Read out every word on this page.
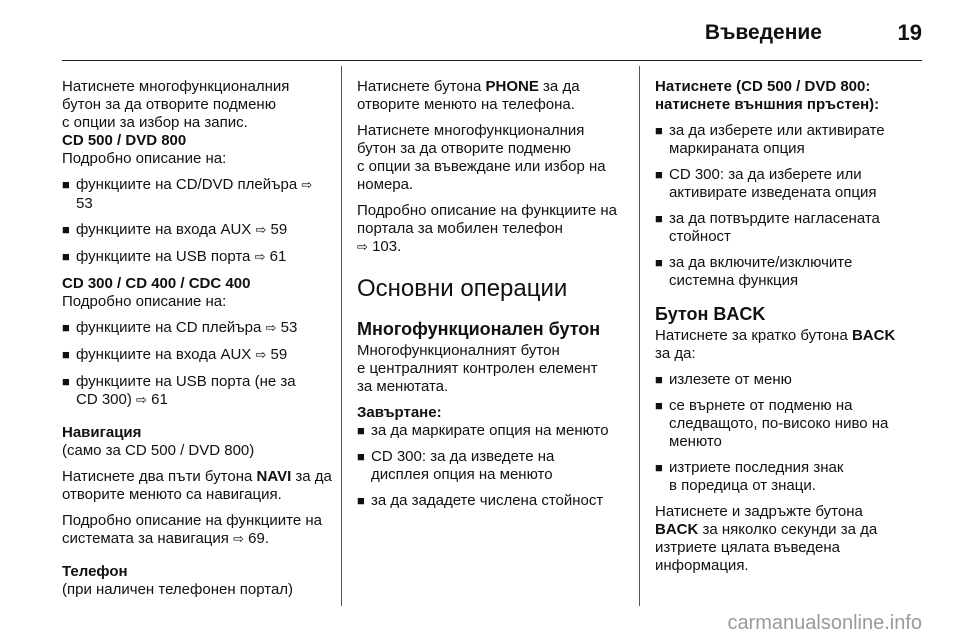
Въведение	19

Натиснете многофункционалния
бутон за да отворите подменю
с опции за избор на запис.

CD 500 / DVD 800

Подробно описание на:

■ функциите на CD/DVD плейъра ⇨ 53
■ функциите на входа AUX ⇨ 59
■ функциите на USB порта ⇨ 61

CD 300 / CD 400 / CDC 400

Подробно описание на:

■ функциите на CD плейъра ⇨ 53
■ функциите на входа AUX ⇨ 59
■ функциите на USB порта (не за
CD 300) ⇨ 61

Навигация

(само за CD 500 / DVD 800)

Натиснете два пъти бутона NAVI за да отворите менюто са навигация.

Подробно описание на функциите на системата за навигация ⇨ 69.

Телефон

(при наличен телефонен портал)

Натиснете бутона PHONE за да отворите менюто на телефона.

Натиснете многофункционалния
бутон за да отворите подменю
с опции за въвеждане или избор на номера.

Подробно описание на функциите на портала за мобилен телефон
⇨ 103.

Основни операции

Многофункционален бутон

Многофункционалният бутон
е централният контролен елемент
за менютата.

Завъртане:

■ за да маркирате опция на менюто
■ CD 300: за да изведете на
дисплея опция на менюто
■ за да зададете числена стойност

Натиснете (CD 500 / DVD 800:
натиснете външния пръстен):

■ за да изберете или активирате
маркираната опция
■ CD 300: за да изберете или
активирате изведената опция
■ за да потвърдите нагласената
стойност
■ за да включите/изключите
системна функция

Бутон BACK

Натиснете за кратко бутона BACK
за да:

■ излезете от меню
■ се върнете от подменю на
следващото, по-високо ниво на
менюто
■ изтриете последния знак
в поредица от знаци.

Натиснете и задръжте бутона
BACK за няколко секунди за да изтриете цялата въведена информация.

carmanualsonline.info
